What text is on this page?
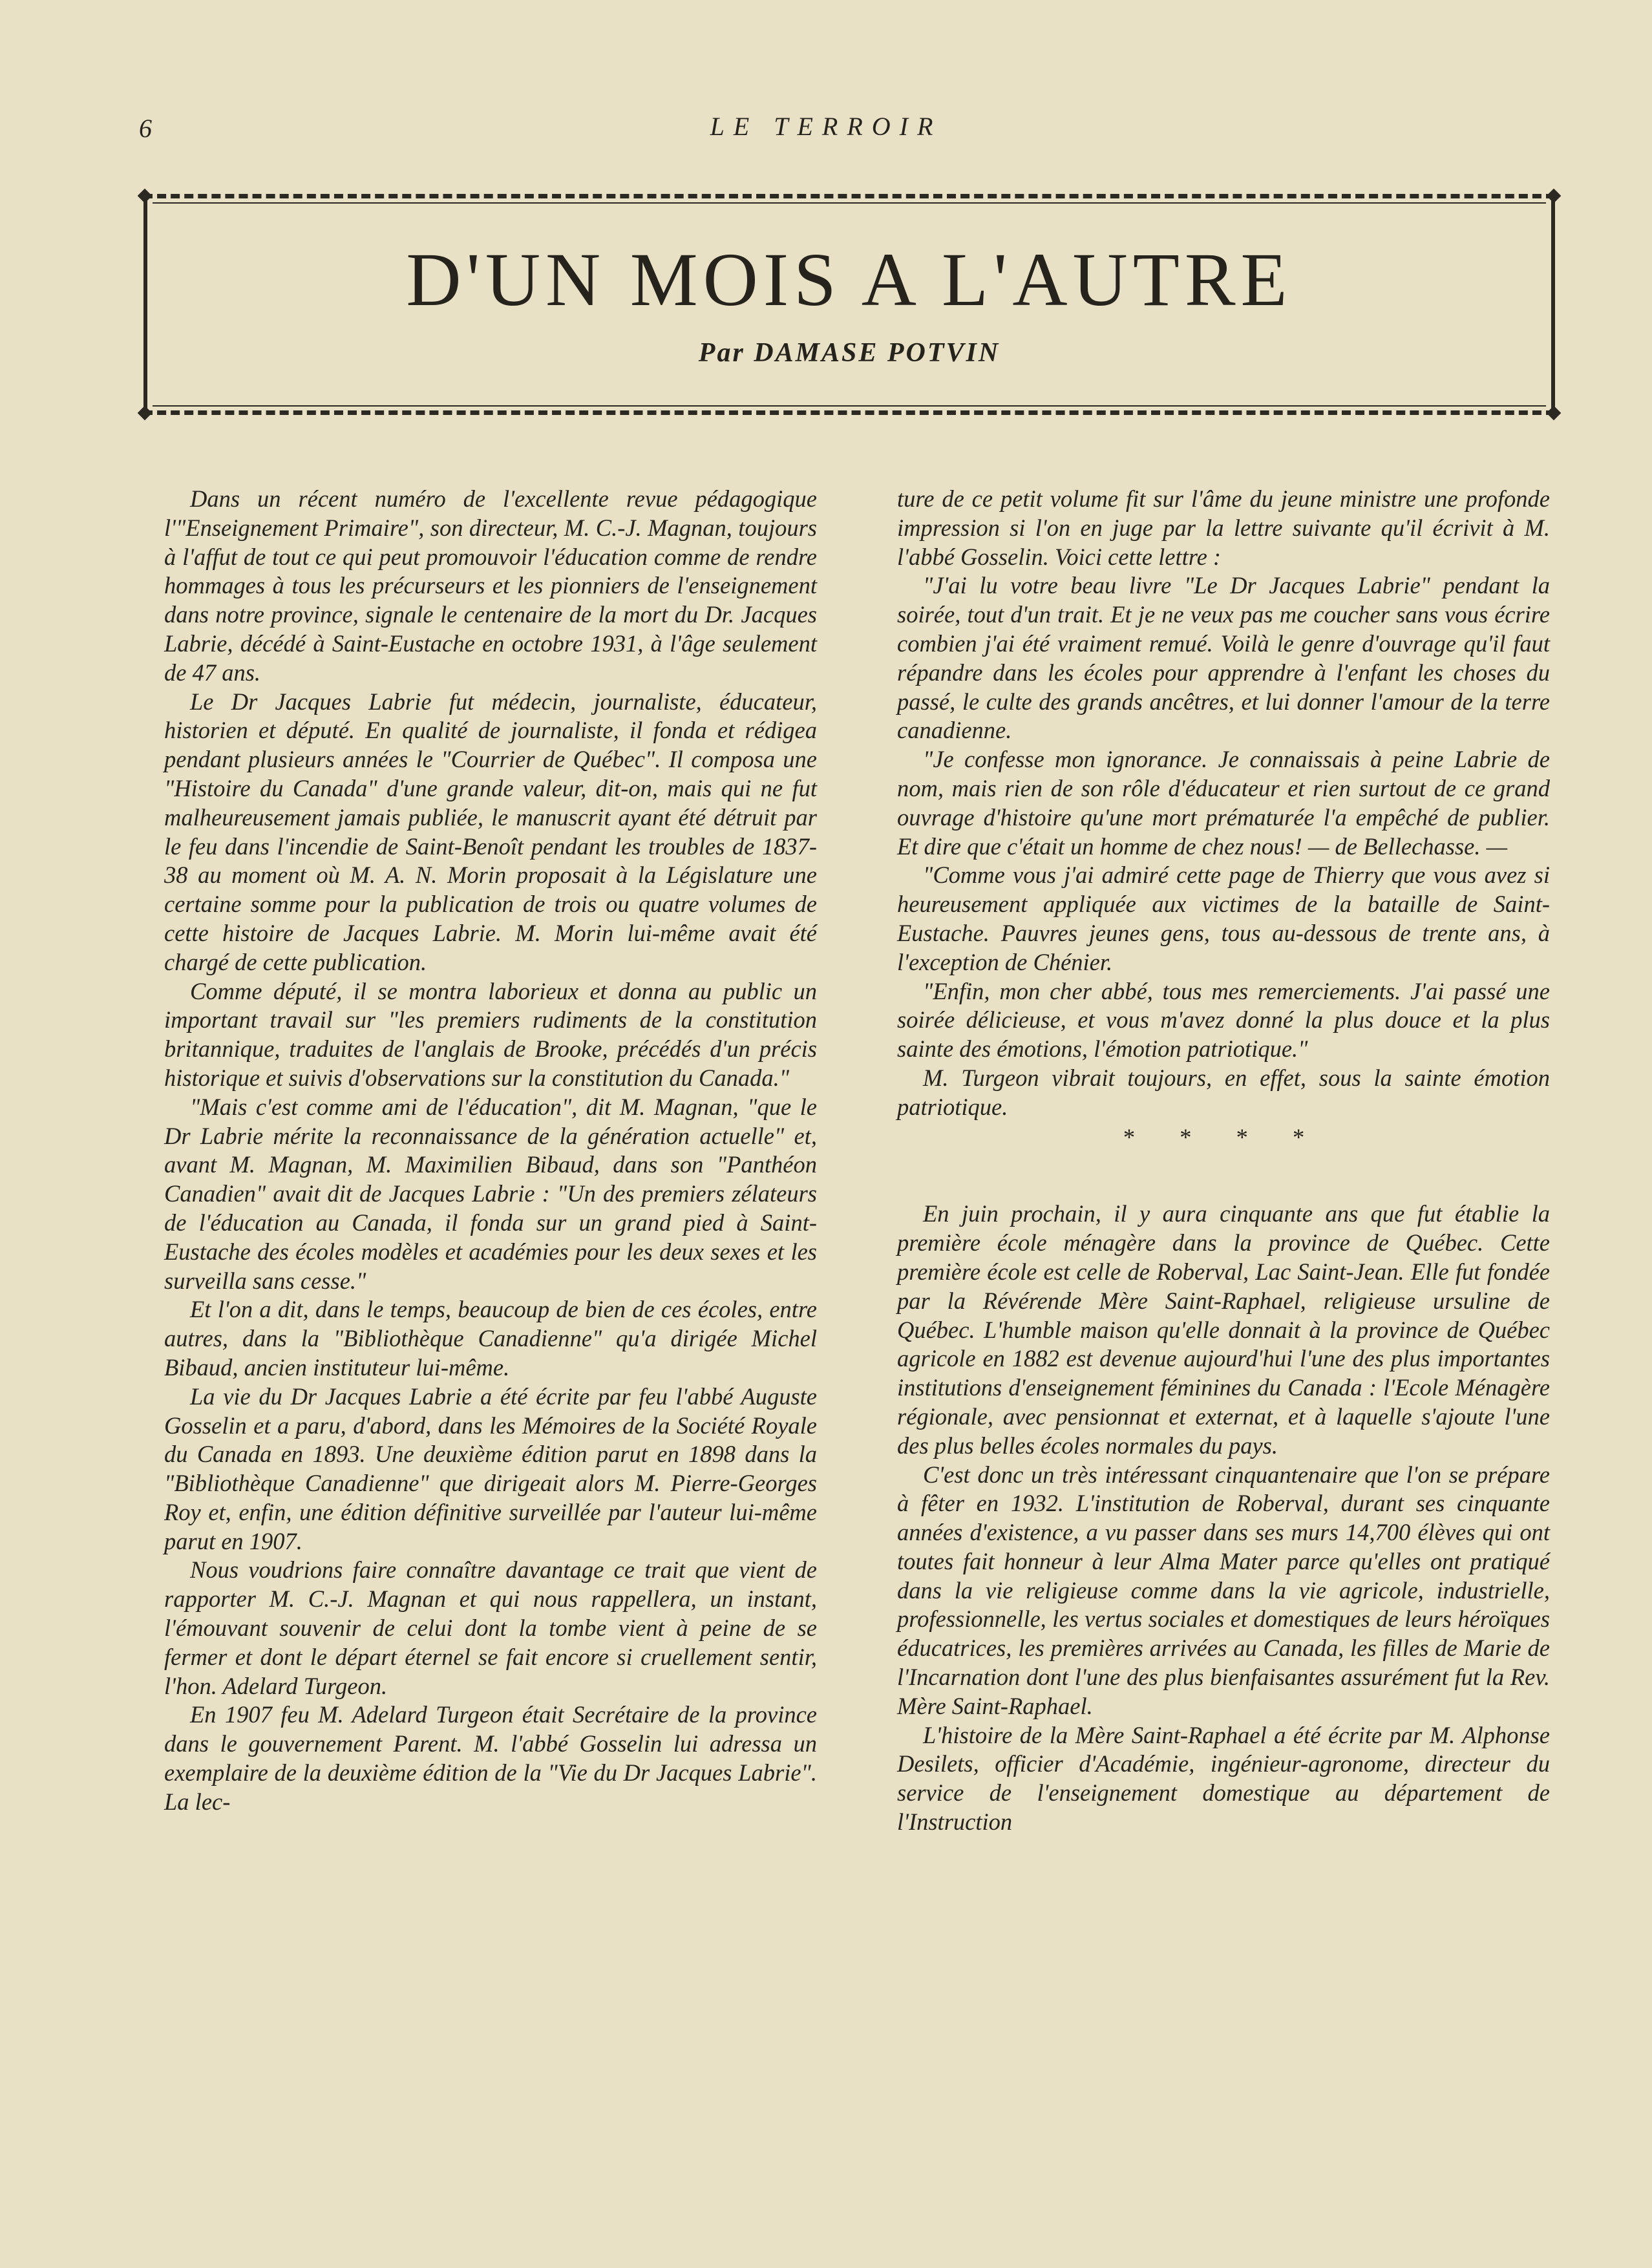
6	LE TERROIR
D'UN MOIS A L'AUTRE
Par DAMASE POTVIN

Dans un récent numéro de l'excellente revue pédagogique l'"Enseignement Primaire", son directeur, M. C.-J. Magnan, toujours à l'affut de tout ce qui peut promouvoir l'éducation comme de rendre hommages à tous les précurseurs et les pionniers de l'enseignement dans notre province, signale le centenaire de la mort du Dr. Jacques Labrie, décédé à Saint-Eustache en octobre 1931, à l'âge seulement de 47 ans.

Le Dr Jacques Labrie fut médecin, journaliste, éducateur, historien et député. En qualité de journaliste, il fonda et rédigea pendant plusieurs années le "Courrier de Québec". Il composa une "Histoire du Canada" d'une grande valeur, dit-on, mais qui ne fut malheureusement jamais publiée, le manuscrit ayant été détruit par le feu dans l'incendie de Saint-Benoît pendant les troubles de 1837-38 au moment où M. A. N. Morin proposait à la Législature une certaine somme pour la publication de trois ou quatre volumes de cette histoire de Jacques Labrie. M. Morin lui-même avait été chargé de cette publication.

Comme député, il se montra laborieux et donna au public un important travail sur "les premiers rudiments de la constitution britannique, traduites de l'anglais de Brooke, précédés d'un précis historique et suivis d'observations sur la constitution du Canada."

"Mais c'est comme ami de l'éducation", dit M. Magnan, "que le Dr Labrie mérite la reconnaissance de la génération actuelle" et, avant M. Magnan, M. Maximilien Bibaud, dans son "Panthéon Canadien" avait dit de Jacques Labrie : "Un des premiers zélateurs de l'éducation au Canada, il fonda sur un grand pied à Saint-Eustache des écoles modèles et académies pour les deux sexes et les surveilla sans cesse."

Et l'on a dit, dans le temps, beaucoup de bien de ces écoles, entre autres, dans la "Bibliothèque Canadienne" qu'a dirigée Michel Bibaud, ancien instituteur lui-même.

La vie du Dr Jacques Labrie a été écrite par feu l'abbé Auguste Gosselin et a paru, d'abord, dans les Mémoires de la Société Royale du Canada en 1893. Une deuxième édition parut en 1898 dans la "Bibliothèque Canadienne" que dirigeait alors M. Pierre-Georges Roy et, enfin, une édition définitive surveillée par l'auteur lui-même parut en 1907.

Nous voudrions faire connaître davantage ce trait que vient de rapporter M. C.-J. Magnan et qui nous rappellera, un instant, l'émouvant souvenir de celui dont la tombe vient à peine de se fermer et dont le départ éternel se fait encore si cruellement sentir, l'hon. Adelard Turgeon.

En 1907 feu M. Adelard Turgeon était Secrétaire de la province dans le gouvernement Parent. M. l'abbé Gosselin lui adressa un exemplaire de la deuxième édition de la "Vie du Dr Jacques Labrie". La lec-

ture de ce petit volume fit sur l'âme du jeune ministre une profonde impression si l'on en juge par la lettre suivante qu'il écrivit à M. l'abbé Gosselin. Voici cette lettre :

"J'ai lu votre beau livre "Le Dr Jacques Labrie" pendant la soirée, tout d'un trait. Et je ne veux pas me coucher sans vous écrire combien j'ai été vraiment remué. Voilà le genre d'ouvrage qu'il faut répandre dans les écoles pour apprendre à l'enfant les choses du passé, le culte des grands ancêtres, et lui donner l'amour de la terre canadienne.

"Je confesse mon ignorance. Je connaissais à peine Labrie de nom, mais rien de son rôle d'éducateur et rien surtout de ce grand ouvrage d'histoire qu'une mort prématurée l'a empêché de publier. Et dire que c'était un homme de chez nous! — de Bellechasse. —

"Comme vous j'ai admiré cette page de Thierry que vous avez si heureusement appliquée aux victimes de la bataille de Saint-Eustache. Pauvres jeunes gens, tous au-dessous de trente ans, à l'exception de Chénier.

"Enfin, mon cher abbé, tous mes remerciements. J'ai passé une soirée délicieuse, et vous m'avez donné la plus douce et la plus sainte des émotions, l'émotion patriotique."

M. Turgeon vibrait toujours, en effet, sous la sainte émotion patriotique.

* * * *

En juin prochain, il y aura cinquante ans que fut établie la première école ménagère dans la province de Québec. Cette première école est celle de Roberval, Lac Saint-Jean. Elle fut fondée par la Révérende Mère Saint-Raphael, religieuse ursuline de Québec. L'humble maison qu'elle donnait à la province de Québec agricole en 1882 est devenue aujourd'hui l'une des plus importantes institutions d'enseignement féminines du Canada : l'Ecole Ménagère régionale, avec pensionnat et externat, et à laquelle s'ajoute l'une des plus belles écoles normales du pays.

C'est donc un très intéressant cinquantenaire que l'on se prépare à fêter en 1932. L'institution de Roberval, durant ses cinquante années d'existence, a vu passer dans ses murs 14,700 élèves qui ont toutes fait honneur à leur Alma Mater parce qu'elles ont pratiqué dans la vie religieuse comme dans la vie agricole, industrielle, professionnelle, les vertus sociales et domestiques de leurs héroïques éducatrices, les premières arrivées au Canada, les filles de Marie de l'Incarnation dont l'une des plus bienfaisantes assurément fut la Rev. Mère Saint-Raphael.

L'histoire de la Mère Saint-Raphael a été écrite par M. Alphonse Desilets, officier d'Académie, ingénieur-agronome, directeur du service de l'enseignement domestique au département de l'Instruction
